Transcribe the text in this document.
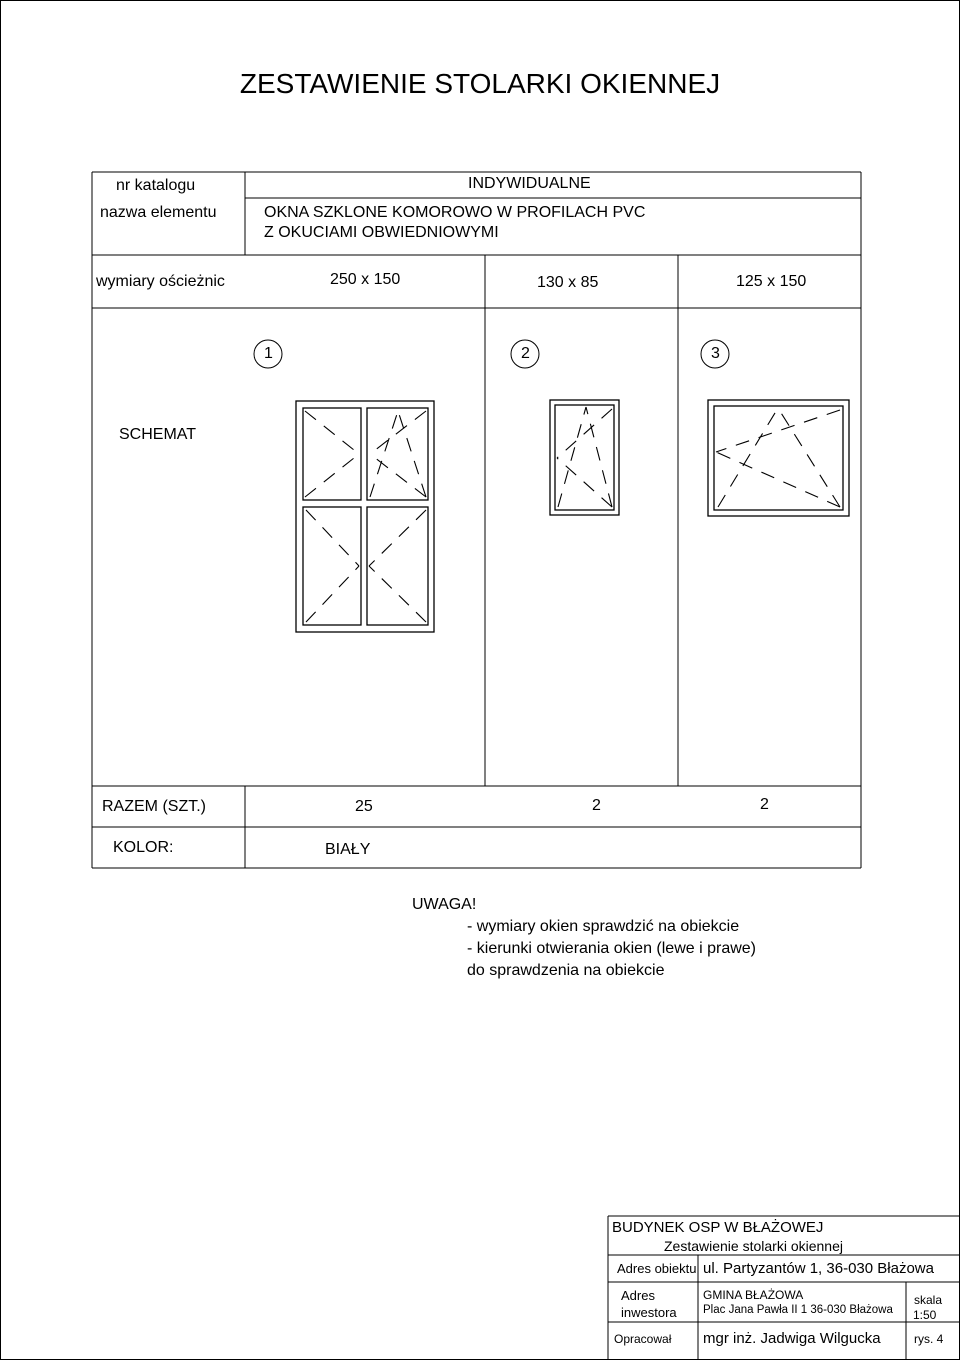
ZESTAWIENIE STOLARKI OKIENNEJ
nr katalogu	INDYWIDUALNE
nazwa elementu	OKNA SZKLONE KOMOROWO W PROFILACH PVC
Z OKUCIAMI OBWIEDNIOWYMI
wymiary ościeżnic	250 x 150	130 x 85	125 x 150
1	2	3
SCHEMAT
RAZEM (SZT.)	25	2	2
KOLOR:	BIAŁY
UWAGA!
- wymiary okien sprawdzić na obiekcie
- kierunki otwierania okien (lewe i prawe)
do sprawdzenia na obiekcie
BUDYNEK OSP W BŁAŻOWEJ
Zestawienie stolarki okiennej
Adres obiektu ul. Partyzantów 1, 36-030 Błażowa
Adres
inwestora
GMINA BŁAŻOWA
Plac Jana Pawła II 1 36-030 Błażowa
skala
1:50
Opracował mgr inż. Jadwiga Wilgucka	rys. 4
